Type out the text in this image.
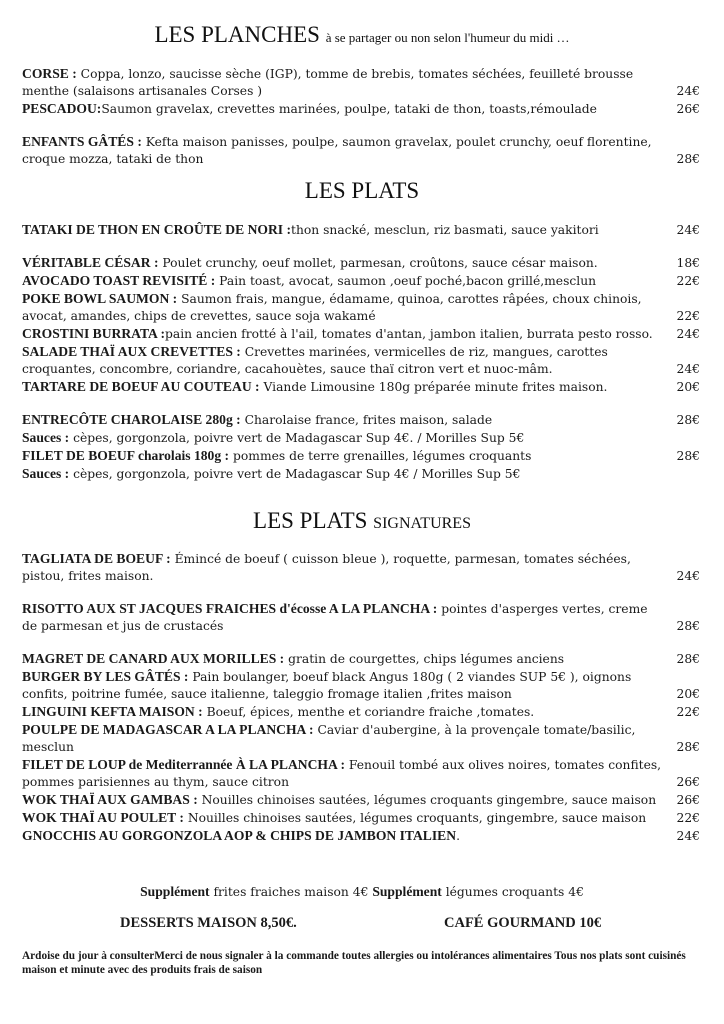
LES PLANCHES à se partager ou non selon l'humeur du midi …
CORSE : Coppa, lonzo, saucisse sèche (IGP), tomme de brebis, tomates séchées, feuilleté brousse menthe (salaisons artisanales Corses )	24€
PESCADOU:Saumon gravelax, crevettes marinées, poulpe, tataki de thon, toasts,rémoulade	26€
ENFANTS GÂTÉS : Kefta maison panisses, poulpe, saumon gravelax, poulet crunchy, oeuf florentine, croque mozza, tataki de thon	28€
LES PLATS
TATAKI DE THON EN CROÛTE DE NORI :thon snacké, mesclun, riz basmati, sauce yakitori	24€
VÉRITABLE CÉSAR : Poulet crunchy, oeuf mollet, parmesan, croûtons, sauce césar maison.	18€
AVOCADO TOAST REVISITÉ : Pain toast, avocat, saumon ,oeuf poché,bacon grillé,mesclun	22€
POKE BOWL SAUMON : Saumon frais, mangue, édamame, quinoa, carottes râpées, choux chinois, avocat, amandes, chips de crevettes, sauce soja wakamé	22€
CROSTINI BURRATA :pain ancien frotté à l'ail, tomates d'antan, jambon italien, burrata pesto rosso.	24€
SALADE THAÏ AUX CREVETTES : Crevettes marinées, vermicelles de riz, mangues, carottes croquantes, concombre, coriandre, cacahouètes, sauce thaï citron vert et nuoc-mâm.	24€
TARTARE DE BOEUF AU COUTEAU : Viande Limousine 180g préparée minute frites maison.	20€
ENTRECÔTE CHAROLAISE 280g : Charolaise france, frites maison, salade	28€
Sauces : cèpes, gorgonzola, poivre vert de Madagascar Sup 4€. / Morilles Sup 5€
FILET DE BOEUF charolais 180g : pommes de terre grenailles, légumes croquants	28€
Sauces : cèpes, gorgonzola, poivre vert de Madagascar Sup 4€ / Morilles Sup 5€
LES PLATS SIGNATURES
TAGLIATA DE BOEUF : Émincé de boeuf ( cuisson bleue ), roquette, parmesan, tomates séchées, pistou, frites maison.	24€
RISOTTO AUX ST JACQUES FRAICHES d'écosse A LA PLANCHA : pointes d'asperges vertes, creme de parmesan et jus de crustacés	28€
MAGRET DE CANARD AUX MORILLES : gratin de courgettes, chips légumes anciens	28€
BURGER BY LES GÂTÉS : Pain boulanger, boeuf black Angus 180g ( 2 viandes SUP 5€ ), oignons confits, poitrine fumée, sauce italienne, taleggio fromage italien ,frites maison	20€
LINGUINI KEFTA MAISON : Boeuf, épices, menthe et coriandre fraiche ,tomates.	22€
POULPE DE MADAGASCAR A LA PLANCHA : Caviar d'aubergine, à la provençale tomate/basilic, mesclun	28€
FILET DE LOUP de Mediterrannée À LA PLANCHA : Fenouil tombé aux olives noires, tomates confites, pommes parisiennes au thym, sauce citron	26€
WOK THAÏ AUX GAMBAS : Nouilles chinoises sautées, légumes croquants gingembre, sauce maison	26€
WOK THAÏ AU POULET : Nouilles chinoises sautées, légumes croquants, gingembre, sauce maison	22€
GNOCCHIS AU GORGONZOLA AOP & CHIPS DE JAMBON ITALIEN.	24€
Supplément frites fraiches maison 4€ Supplément légumes croquants 4€
DESSERTS MAISON 8,50€.	CAFÉ GOURMAND 10€
Ardoise du jour à consulterMerci de nous signaler à la commande toutes allergies ou intolérances alimentaires Tous nos plats sont cuisinés maison et minute avec des produits frais de saison
